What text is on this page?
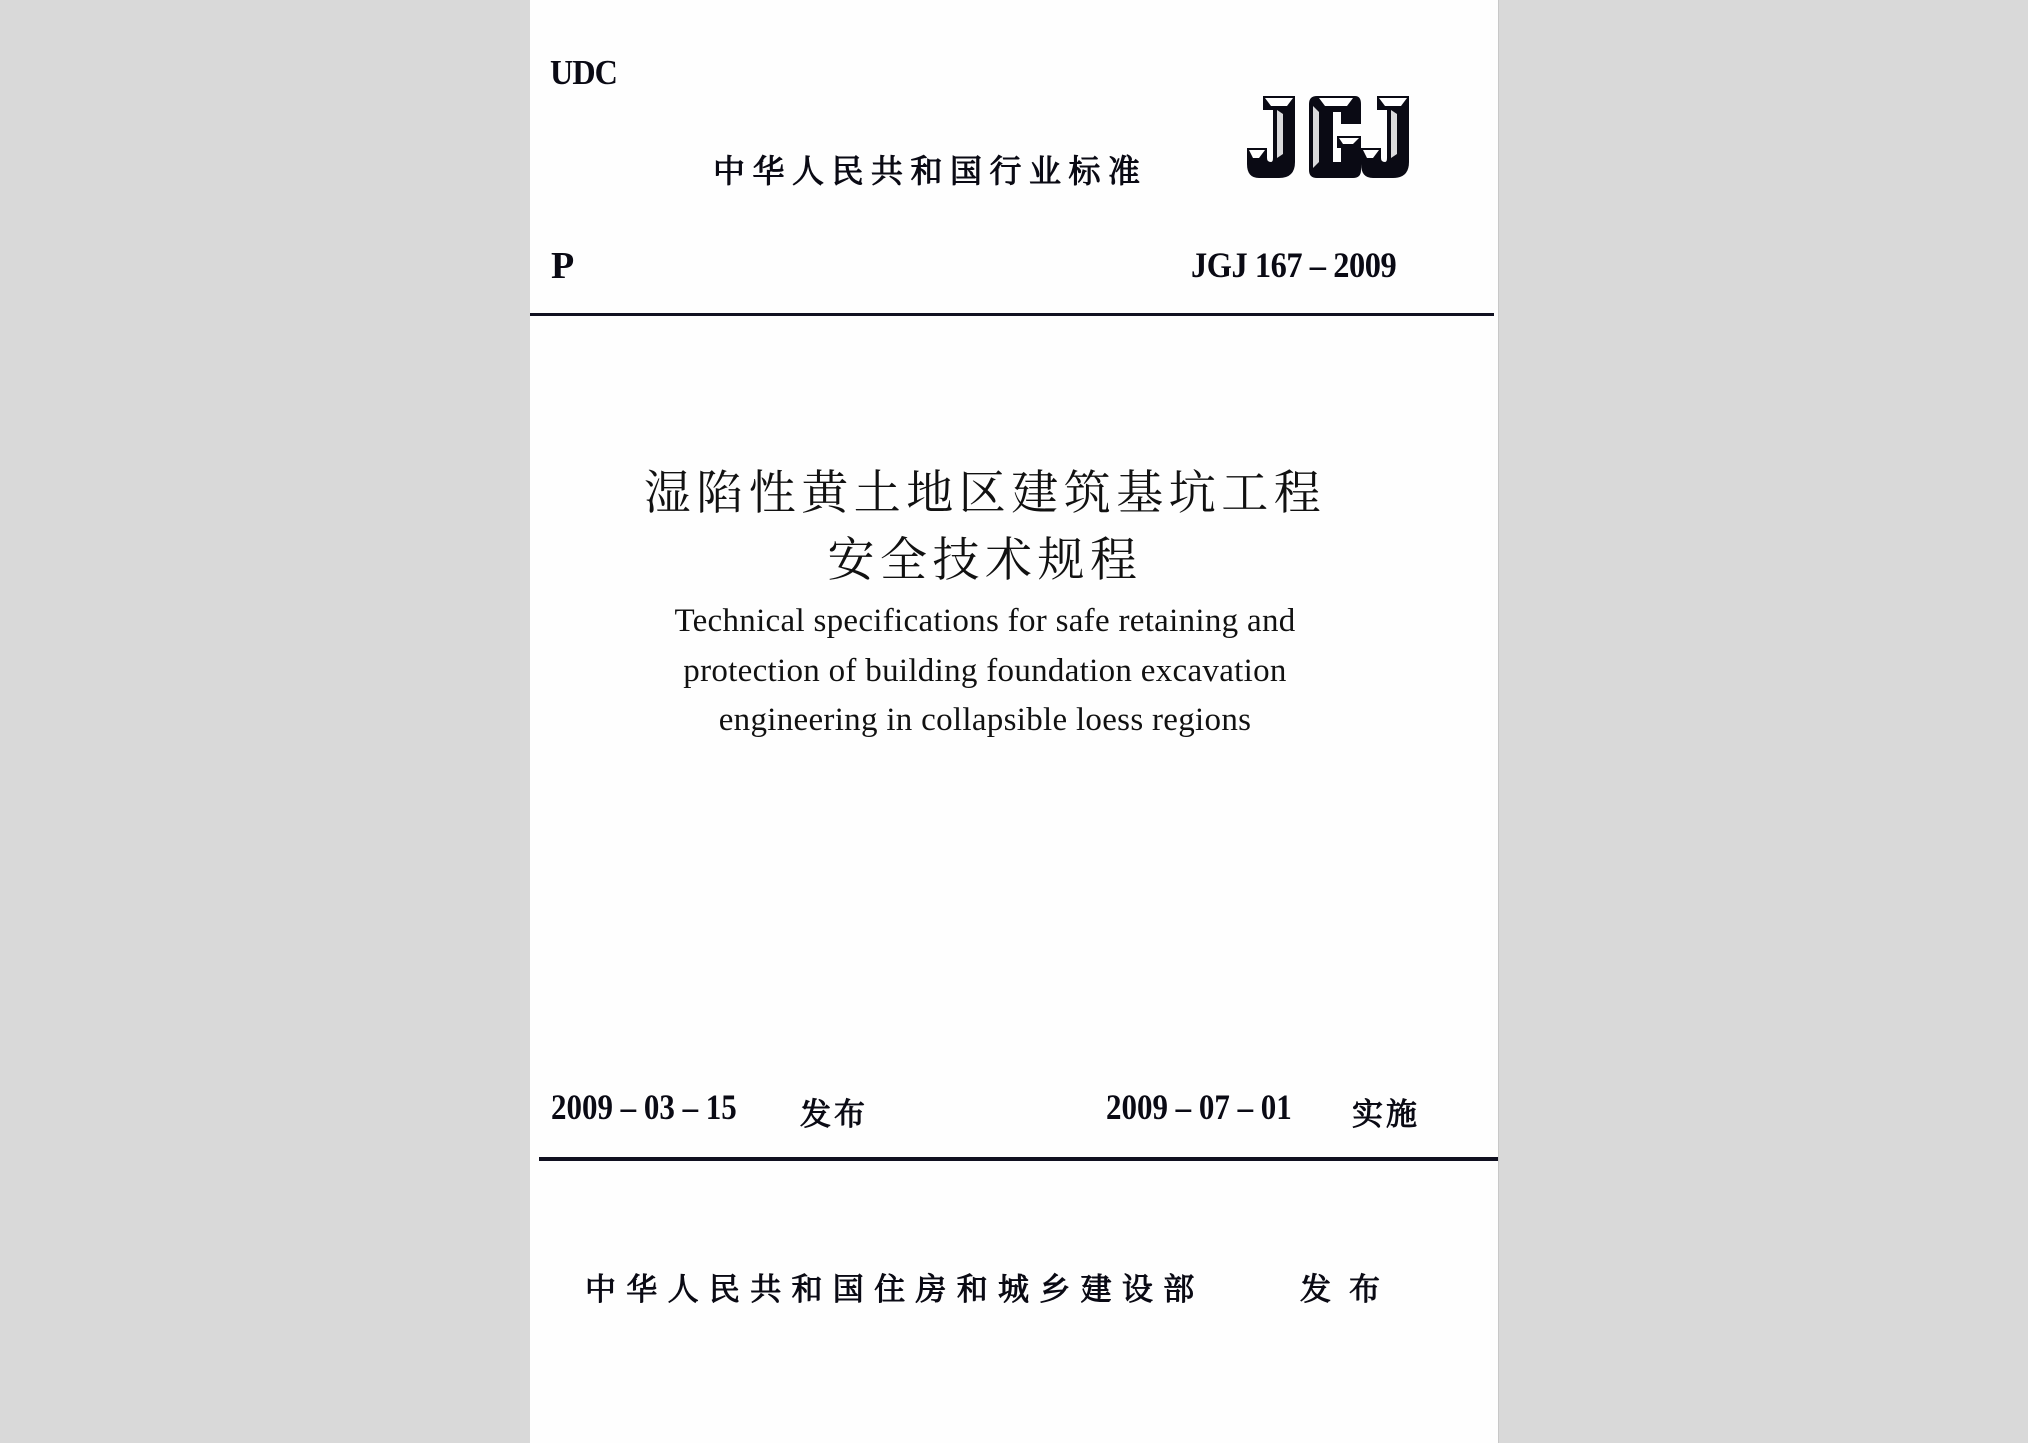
UDC
中华人民共和国行业标准
P	JGJ 167 – 2009
湿陷性黄土地区建筑基坑工程
安全技术规程
Technical specifications for safe retaining and
protection of building foundation excavation
engineering in collapsible loess regions
2009 – 03 – 15 发布	2009 – 07 – 01 实施
中华人民共和国住房和城乡建设部	发布
